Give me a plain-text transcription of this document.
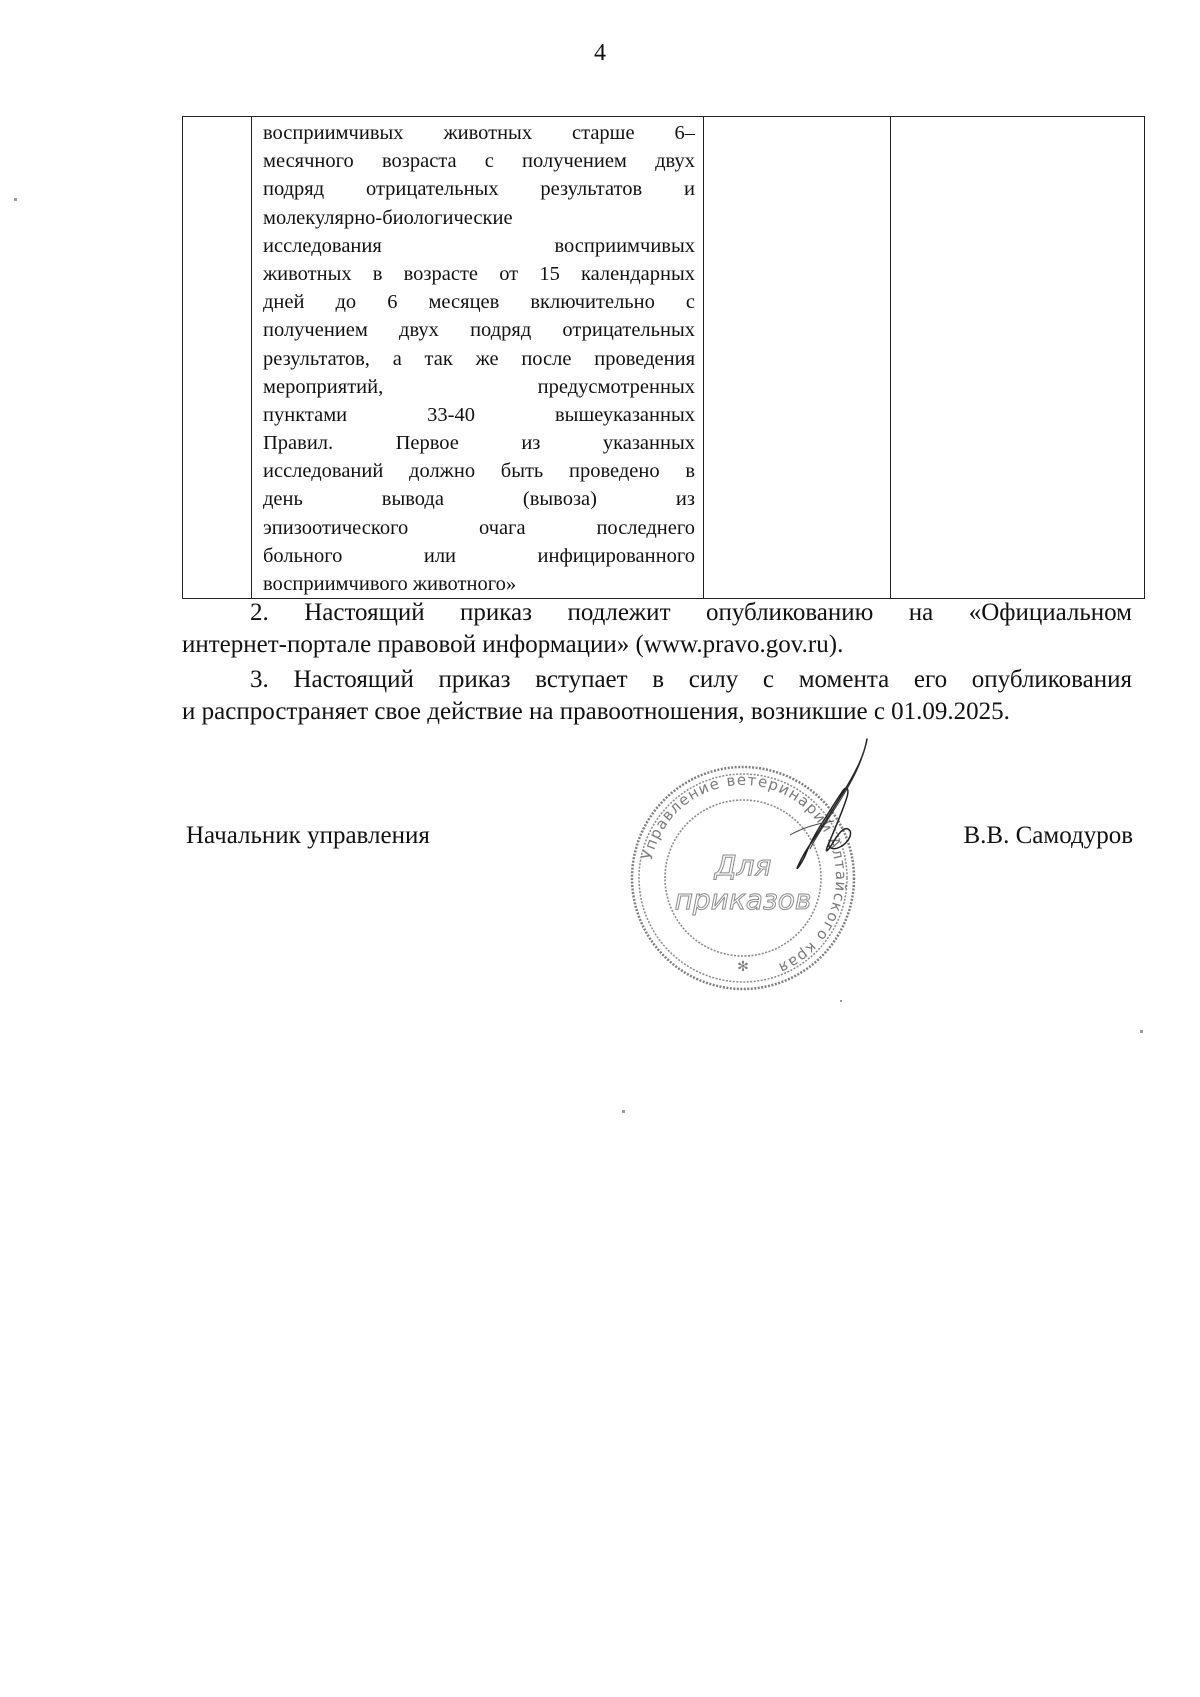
4

восприимчивых животных старше 6–
месячного возраста с получением двух
подряд отрицательных результатов и
молекулярно-биологические
исследования восприимчивых
животных в возрасте от 15 календарных
дней до 6 месяцев включительно с
получением двух подряд отрицательных
результатов, а так же после проведения
мероприятий, предусмотренных
пунктами 33-40 вышеуказанных
Правил. Первое из указанных
исследований должно быть проведено в
день вывода (вывоза) из
эпизоотического очага последнего
больного или инфицированного
восприимчивого животного»

2. Настоящий приказ подлежит опубликованию на «Официальном
интернет-портале правовой информации» (www.pravo.gov.ru).
3. Настоящий приказ вступает в силу с момента его опубликования
и распространяет свое действие на правоотношения, возникшие с 01.09.2025.
Начальник управления	В.В. Самодуров
Управление ветеринарии Алтайского края
Для
приказов
✻
